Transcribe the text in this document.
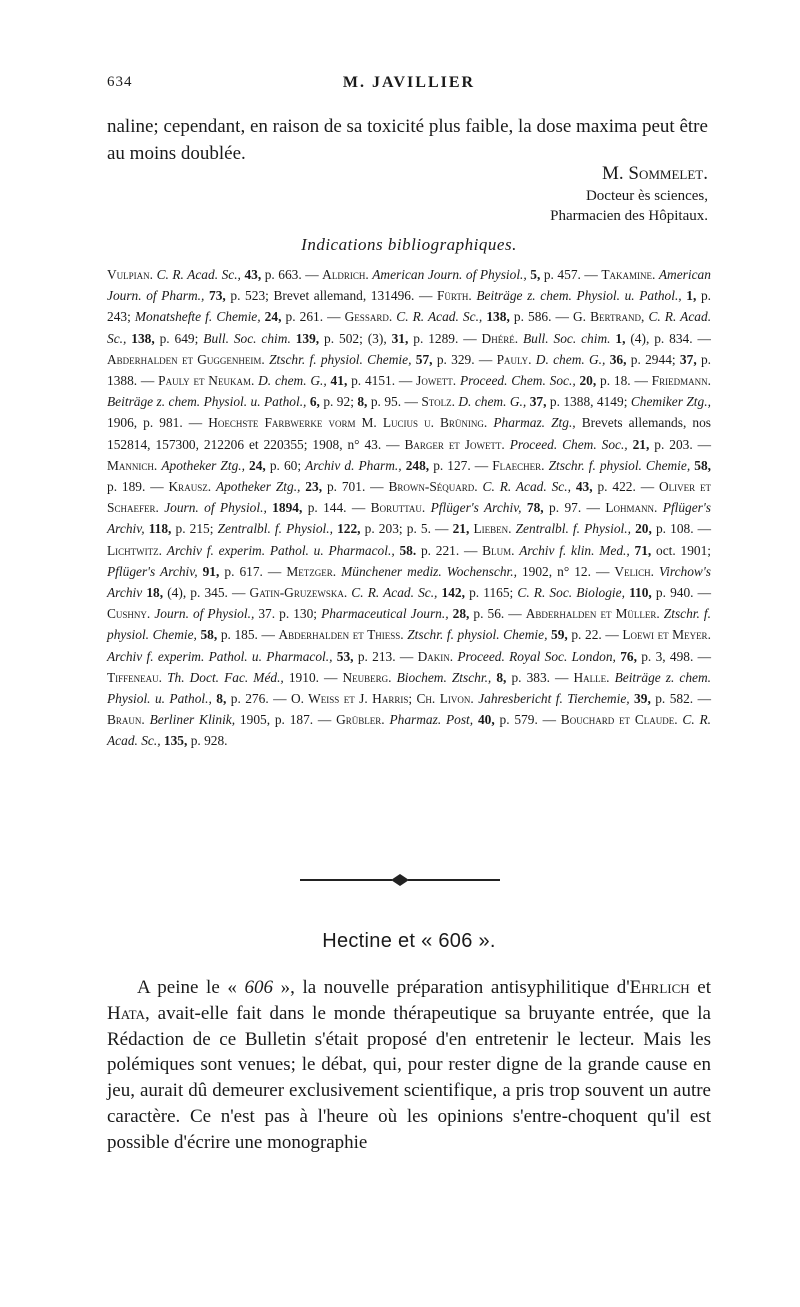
634	M. JAVILLIER
naline; cependant, en raison de sa toxicité plus faible, la dose maxima peut être au moins doublée.
M. Sommelet.
Docteur ès sciences,
Pharmacien des Hôpitaux.
Indications bibliographiques.
Vulpian. C. R. Acad. Sc., 43, p. 663. — Aldrich. American Journ. of Physiol., 5, p. 457. — Takamine. American Journ. of Pharm., 73, p. 523; Brevet allemand, 131496. — Fürth. Beiträge z. chem. Physiol. u. Pathol., 1, p. 243; Monatshefte f. Chemie, 24, p. 261. — Gessard. C. R. Acad. Sc., 138, p. 586. — G. Bertrand, C. R. Acad. Sc., 138, p. 649; Bull. Soc. chim. 139, p. 502; (3), 31, p. 1289. — Dhéré. Bull. Soc. chim. 1, (4), p. 834. — Abderhalden et Guggenheim. Ztschr. f. physiol. Chemie, 57, p. 329. — Pauly. D. chem. G., 36, p. 2944; 37, p. 1388. — Pauly et Neukam. D. chem. G., 41, p. 4151. — Jowett. Proceed. Chem. Soc., 20, p. 18. — Friedmann. Beiträge z. chem. Physiol. u. Pathol., 6, p. 92; 8, p. 95. — Stolz. D. chem. G., 37, p. 1388, 4149; Chemiker Ztg., 1906, p. 981. — Hoechste Farbwerke vorm M. Lucius u. Brüning. Pharmaz. Ztg., Brevets allemands, nos 152814, 157300, 212206 et 220355; 1908, n° 43. — Barger et Jowett. Proceed. Chem. Soc., 21, p. 203. — Mannich. Apotheker Ztg., 24, p. 60; Archiv d. Pharm., 248, p. 127. — Flaecher. Ztschr. f. physiol. Chemie, 58, p. 189. — Krausz. Apotheker Ztg., 23, p. 701. — Brown-Séquard. C. R. Acad. Sc., 43, p. 422. — Oliver et Schaefer. Journ. of Physiol., 1894, p. 144. — Boruttau. Pflüger's Archiv, 78, p. 97. — Lohmann. Pflüger's Archiv, 118, p. 215; Zentralbl. f. Physiol., 122, p. 203; p. 5. — 21, Lieben. Zentralbl. f. Physiol., 20, p. 108. — Lichtwitz. Archiv f. experim. Pathol. u. Pharmacol., 58. p. 221. — Blum. Archiv f. klin. Med., 71, oct. 1901; Pflüger's Archiv, 91, p. 617. — Metzger. Münchener mediz. Wochenschr., 1902, n° 12. — Velich. Virchow's Archiv 18, (4), p. 345. — Gatin-Gruzewska. C. R. Acad. Sc., 142, p. 1165; C. R. Soc. Biologie, 110, p. 940. — Cushny. Journ. of Physiol., 37. p. 130; Pharmaceutical Journ., 28, p. 56. — Abderhalden et Müller. Ztschr. f. physiol. Chemie, 58, p. 185. — Abderhalden et Thiess. Ztschr. f. physiol. Chemie, 59, p. 22. — Loewi et Meyer. Archiv f. experim. Pathol. u. Pharmacol., 53, p. 213. — Dakin. Proceed. Royal Soc. London, 76, p. 3, 498. — Tiffeneau. Th. Doct. Fac. Méd., 1910. — Neuberg. Biochem. Ztschr., 8, p. 383. — Halle. Beiträge z. chem. Physiol. u. Pathol., 8, p. 276. — O. Weiss et J. Harris; Ch. Livon. Jahresbericht f. Tierchemie, 39, p. 582. — Braun. Berliner Klinik, 1905, p. 187. — Grübler. Pharmaz. Post, 40, p. 579. — Bouchard et Claude. C. R. Acad. Sc., 135, p. 928.
Hectine et « 606 ».
A peine le « 606 », la nouvelle préparation antisyphilitique d'Ehrlich et Hata, avait-elle fait dans le monde thérapeutique sa bruyante entrée, que la Rédaction de ce Bulletin s'était proposé d'en entretenir le lecteur. Mais les polémiques sont venues; le débat, qui, pour rester digne de la grande cause en jeu, aurait dû demeurer exclusivement scientifique, a pris trop souvent un autre caractère. Ce n'est pas à l'heure où les opinions s'entre-choquent qu'il est possible d'écrire une monographie
